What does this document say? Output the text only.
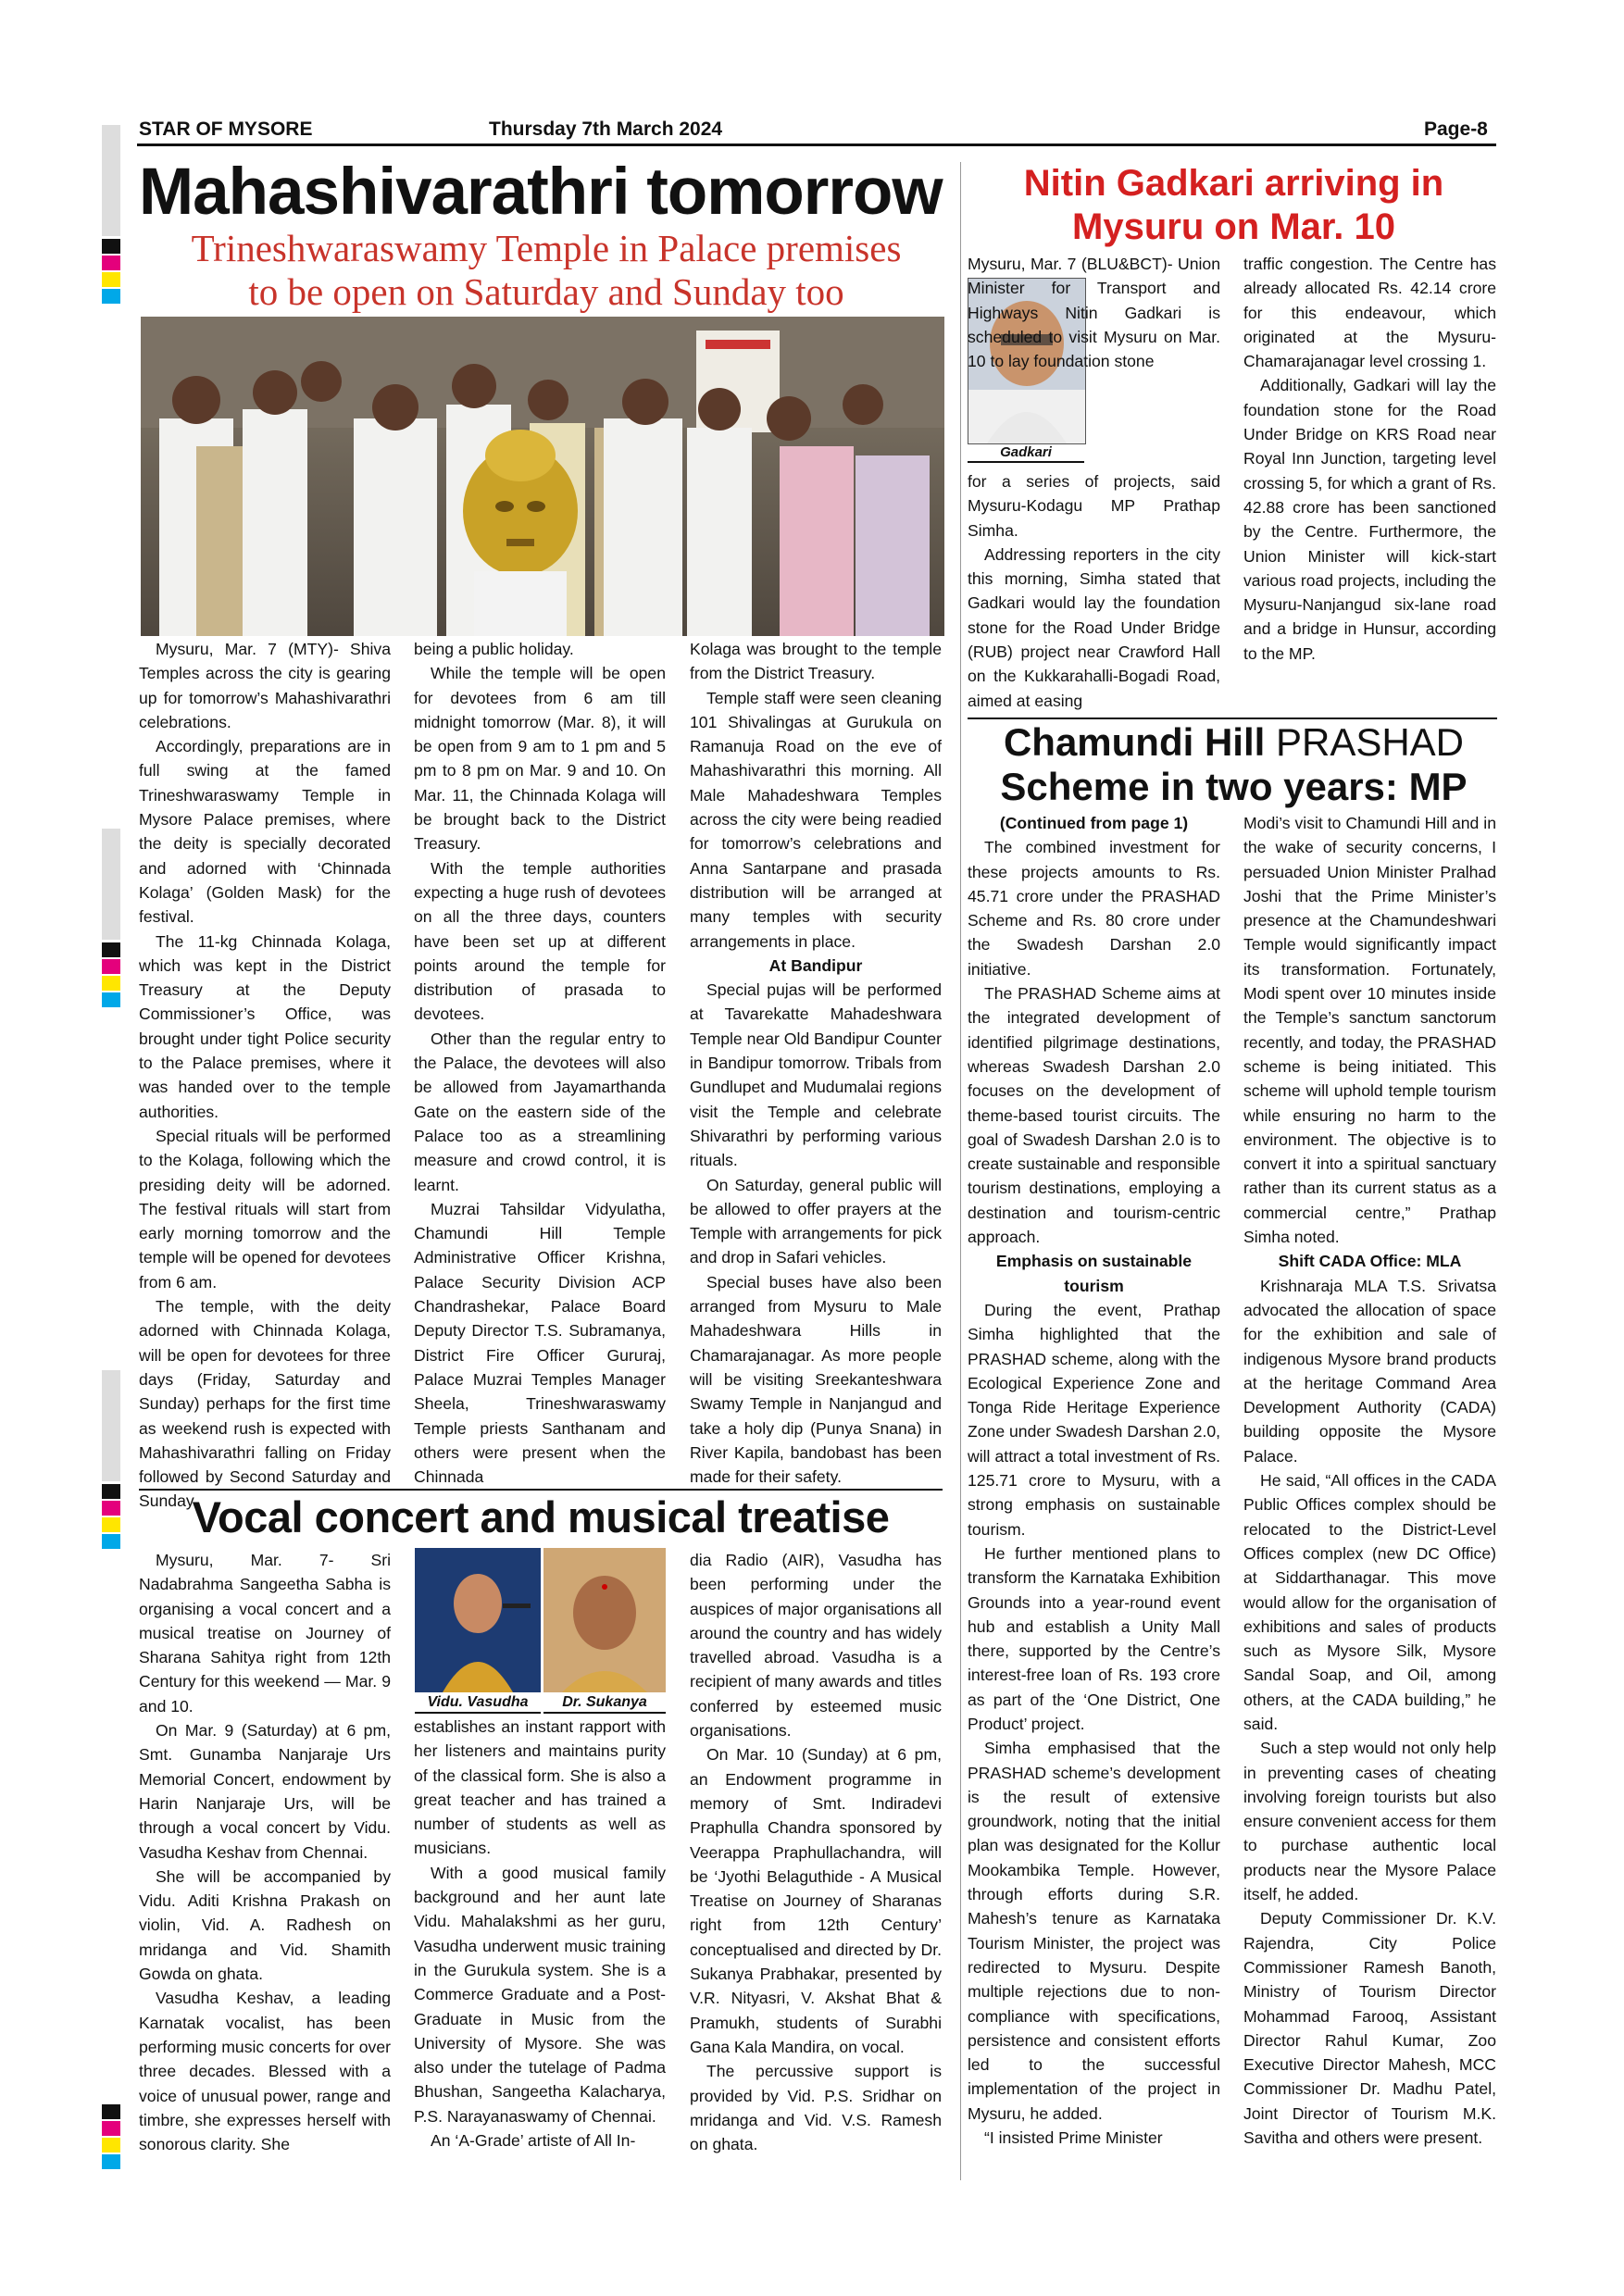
STAR OF MYSORE	Thursday 7th March 2024	Page-8
Mahashivarathri tomorrow
Trineshwaraswamy Temple in Palace premises
to be open on Saturday and Sunday too

Mysuru, Mar. 7 (MTY)- Shiva Temples across the city is gearing up for tomorrow’s Mahashivarathri celebrations.

Accordingly, preparations are in full swing at the famed Trineshwaraswamy Temple in Mysore Palace premises, where the deity is specially decorated and adorned with ‘Chinnada Kolaga’ (Golden Mask) for the festival.

The 11-kg Chinnada Kolaga, which was kept in the District Treasury at the Deputy Commissioner’s Office, was brought under tight Police security to the Palace premises, where it was handed over to the temple authorities.

Special rituals will be performed to the Kolaga, following which the presiding deity will be adorned. The festival rituals will start from early morning tomorrow and the temple will be opened for devotees from 6 am.

The temple, with the deity adorned with Chinnada Kolaga, will be open for devotees for three days (Friday, Saturday and Sunday) perhaps for the first time as weekend rush is expected with Mahashivarathri falling on Friday followed by Second Saturday and Sunday

being a public holiday.

While the temple will be open for devotees from 6 am till midnight tomorrow (Mar. 8), it will be open from 9 am to 1 pm and 5 pm to 8 pm on Mar. 9 and 10. On Mar. 11, the Chinnada Kolaga will be brought back to the District Treasury.

With the temple authorities expecting a huge rush of devotees on all the three days, counters have been set up at different points around the temple for distribution of prasada to devotees.

Other than the regular entry to the Palace, the devotees will also be allowed from Jayamarthanda Gate on the eastern side of the Palace too as a streamlining measure and crowd control, it is learnt.

Muzrai Tahsildar Vidyulatha, Chamundi Hill Temple Administrative Officer Krishna, Palace Security Division ACP Chandrashekar, Palace Board Deputy Director T.S. Subramanya, District Fire Officer Gururaj, Palace Muzrai Temples Manager Sheela, Trineshwaraswamy Temple priests Santhanam and others were present when the Chinnada

Kolaga was brought to the temple from the District Treasury.

Temple staff were seen cleaning 101 Shivalingas at Gurukula on Ramanuja Road on the eve of Mahashivarathri this morning. All Male Mahadeshwara Temples across the city were being readied for tomorrow’s celebrations and Anna Santarpane and prasada distribution will be arranged at many temples with security arrangements in place.

At Bandipur

Special pujas will be performed at Tavarekatte Mahadeshwara Temple near Old Bandipur Counter in Bandipur tomorrow. Tribals from Gundlupet and Mudumalai regions visit the Temple and celebrate Shivarathri by performing various rituals.

On Saturday, general public will be allowed to offer prayers at the Temple with arrangements for pick and drop in Safari vehicles.

Special buses have also been arranged from Mysuru to Male Mahadeshwara Hills in Chamarajanagar. As more people will be visiting Sreekanteshwara Swamy Temple in Nanjangud and take a holy dip (Punya Snana) in River Kapila, bandobast has been made for their safety.

Nitin Gadkari arriving in
Mysuru on Mar. 10
Gadkari

Mysuru, Mar. 7 (BLU&BCT)- Union Minister for Transport and Highways Nitin Gadkari is scheduled to visit Mysuru on Mar. 10 to lay foundation stone

for a series of projects, said Mysuru-Kodagu MP Prathap Simha.

Addressing reporters in the city this morning, Simha stated that Gadkari would lay the foundation stone for the Road Under Bridge (RUB) project near Crawford Hall on the Kukkarahalli-Bogadi Road, aimed at easing

traffic congestion. The Centre has already allocated Rs. 42.14 crore for this endeavour, which originated at the Mysuru-Chamarajanagar level crossing 1.

Additionally, Gadkari will lay the foundation stone for the Road Under Bridge on KRS Road near Royal Inn Junction, targeting level crossing 5, for which a grant of Rs. 42.88 crore has been sanctioned by the Centre. Furthermore, the Union Minister will kick-start various road projects, including the Mysuru-Nanjangud six-lane road and a bridge in Hunsur, according to the MP.

Chamundi Hill PRASHAD
Scheme in two years: MP
(Continued from page 1)

The combined investment for these projects amounts to Rs. 45.71 crore under the PRASHAD Scheme and Rs. 80 crore under the Swadesh Darshan 2.0 initiative.

The PRASHAD Scheme aims at the integrated development of identified pilgrimage destinations, whereas Swadesh Darshan 2.0 focuses on the development of theme-based tourist circuits. The goal of Swadesh Darshan 2.0 is to create sustainable and responsible tourism destinations, employing a destination and tourism-centric approach.

Emphasis on sustainable tourism

During the event, Prathap Simha highlighted that the PRASHAD scheme, along with the Ecological Experience Zone and Tonga Ride Heritage Experience Zone under Swadesh Darshan 2.0, will attract a total investment of Rs. 125.71 crore to Mysuru, with a strong emphasis on sustainable tourism.

He further mentioned plans to transform the Karnataka Exhibition Grounds into a year-round event hub and establish a Unity Mall there, supported by the Centre’s interest-free loan of Rs. 193 crore as part of the ‘One District, One Product’ project.

Simha emphasised that the PRASHAD scheme’s development is the result of extensive groundwork, noting that the initial plan was designated for the Kollur Mookambika Temple. However, through efforts during S.R. Mahesh’s tenure as Karnataka Tourism Minister, the project was redirected to Mysuru. Despite multiple rejections due to non-compliance with specifications, persistence and consistent efforts led to the successful implementation of the project in Mysuru, he added.

“I insisted Prime Minister

Modi’s visit to Chamundi Hill and in the wake of security concerns, I persuaded Union Minister Pralhad Joshi that the Prime Minister’s presence at the Chamundeshwari Temple would significantly impact its transformation. Fortunately, Modi spent over 10 minutes inside the Temple’s sanctum sanctorum recently, and today, the PRASHAD scheme is being initiated. This scheme will uphold temple tourism while ensuring no harm to the environment. The objective is to convert it into a spiritual sanctuary rather than its current status as a commercial centre,” Prathap Simha noted.

Shift CADA Office: MLA

Krishnaraja MLA T.S. Srivatsa advocated the allocation of space for the exhibition and sale of indigenous Mysore brand products at the heritage Command Area Development Authority (CADA) building opposite the Mysore Palace.

He said, “All offices in the CADA Public Offices complex should be relocated to the District-Level Offices complex (new DC Office) at Siddarthanagar. This move would allow for the organisation of exhibitions and sales of products such as Mysore Silk, Mysore Sandal Soap, and Oil, among others, at the CADA building,” he said.

Such a step would not only help in preventing cases of cheating involving foreign tourists but also ensure convenient access for them to purchase authentic local products near the Mysore Palace itself, he added.

Deputy Commissioner Dr. K.V. Rajendra, City Police Commissioner Ramesh Banoth, Ministry of Tourism Director Mohammad Farooq, Assistant Director Rahul Kumar, Zoo Executive Director Mahesh, MCC Commissioner Dr. Madhu Patel, Joint Director of Tourism M.K. Savitha and others were present.

Vocal concert and musical treatise
Vidu. Vasudha	Dr. Sukanya

Mysuru, Mar. 7- Sri Nadabrahma Sangeetha Sabha is organising a vocal concert and a musical treatise on Journey of Sharana Sahitya right from 12th Century for this weekend — Mar. 9 and 10.

On Mar. 9 (Saturday) at 6 pm, Smt. Gunamba Nanjaraje Urs Memorial Concert, endowment by Harin Nanjaraje Urs, will be through a vocal concert by Vidu. Vasudha Keshav from Chennai.

She will be accompanied by Vidu. Aditi Krishna Prakash on violin, Vid. A. Radhesh on mridanga and Vid. Shamith Gowda on ghata.

Vasudha Keshav, a leading Karnatak vocalist, has been performing music concerts for over three decades. Blessed with a voice of unusual power, range and timbre, she expresses herself with sonorous clarity. She

establishes an instant rapport with her listeners and maintains purity of the classical form. She is also a great teacher and has trained a number of students as well as musicians.

With a good musical family background and her aunt late Vidu. Mahalakshmi as her guru, Vasudha underwent music training in the Gurukula system. She is a Commerce Graduate and a Post-Graduate in Music from the University of Mysore. She was also under the tutelage of Padma Bhushan, Sangeetha Kalacharya, P.S. Narayanaswamy of Chennai.

An ‘A-Grade’ artiste of All In-

dia Radio (AIR), Vasudha has been performing under the auspices of major organisations all around the country and has widely travelled abroad. Vasudha is a recipient of many awards and titles conferred by esteemed music organisations.

On Mar. 10 (Sunday) at 6 pm, an Endowment programme in memory of Smt. Indiradevi Praphulla Chandra sponsored by Veerappa Praphullachandra, will be ‘Jyothi Belaguthide - A Musical Treatise on Journey of Sharanas right from 12th Century’ conceptualised and directed by Dr. Sukanya Prabhakar, presented by V.R. Nityasri, V. Akshat Bhat & Pramukh, students of Surabhi Gana Kala Mandira, on vocal.

The percussive support is provided by Vid. P.S. Sridhar on mridanga and Vid. V.S. Ramesh on ghata.
